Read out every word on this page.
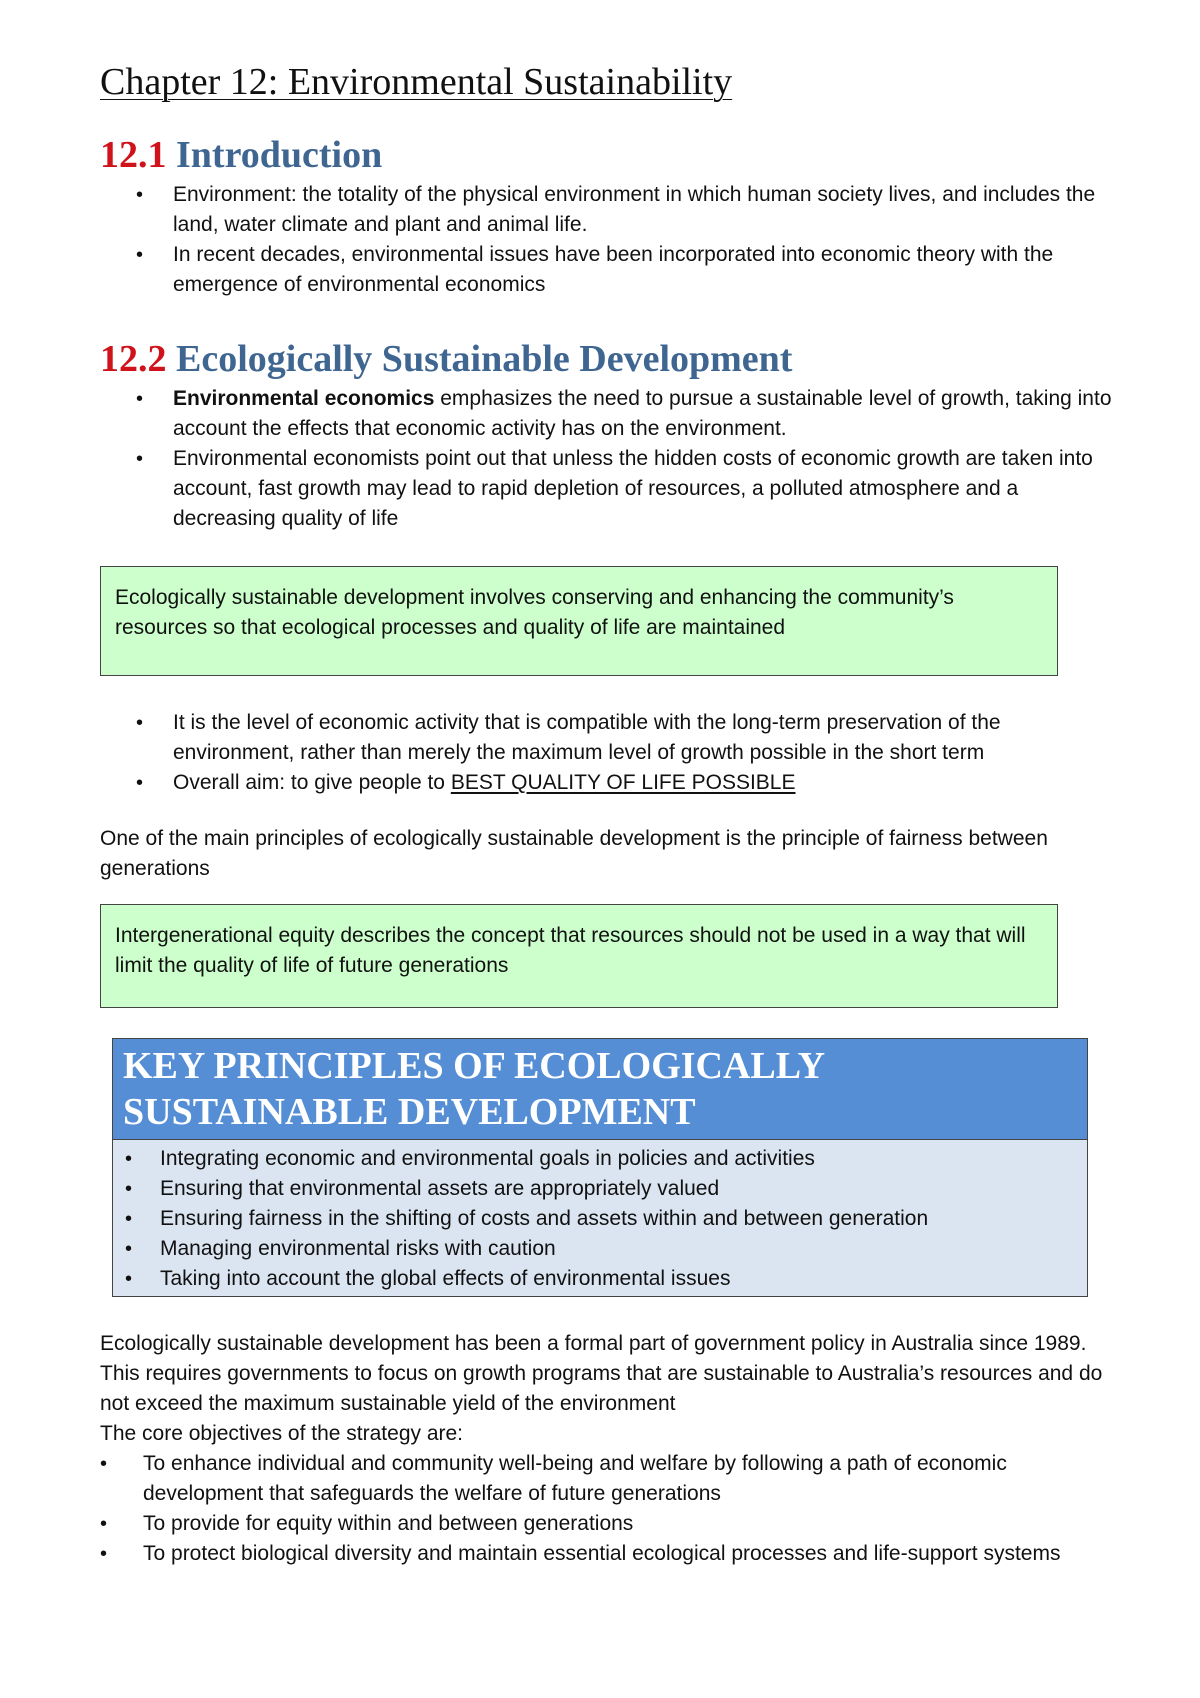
Chapter 12: Environmental Sustainability
12.1 Introduction
• Environment: the totality of the physical environment in which human society lives, and includes the land, water climate and plant and animal life.
• In recent decades, environmental issues have been incorporated into economic theory with the emergence of environmental economics
12.2 Ecologically Sustainable Development
• Environmental economics emphasizes the need to pursue a sustainable level of growth, taking into account the effects that economic activity has on the environment.
• Environmental economists point out that unless the hidden costs of economic growth are taken into account, fast growth may lead to rapid depletion of resources, a polluted atmosphere and a decreasing quality of life
Ecologically sustainable development involves conserving and enhancing the community’s resources so that ecological processes and quality of life are maintained
• It is the level of economic activity that is compatible with the long-term preservation of the environment, rather than merely the maximum level of growth possible in the short term
• Overall aim: to give people to BEST QUALITY OF LIFE POSSIBLE

One of the main principles of ecologically sustainable development is the principle of fairness between generations

Intergenerational equity describes the concept that resources should not be used in a way that will limit the quality of life of future generations
KEY PRINCIPLES OF ECOLOGICALLY SUSTAINABLE DEVELOPMENT
• Integrating economic and environmental goals in policies and activities
• Ensuring that environmental assets are appropriately valued
• Ensuring fairness in the shifting of costs and assets within and between generation
• Managing environmental risks with caution
• Taking into account the global effects of environmental issues

Ecologically sustainable development has been a formal part of government policy in Australia since 1989. This requires governments to focus on growth programs that are sustainable to Australia’s resources and do not exceed the maximum sustainable yield of the environment

The core objectives of the strategy are:

• To enhance individual and community well-being and welfare by following a path of economic development that safeguards the welfare of future generations
• To provide for equity within and between generations
• To protect biological diversity and maintain essential ecological processes and life-support systems
